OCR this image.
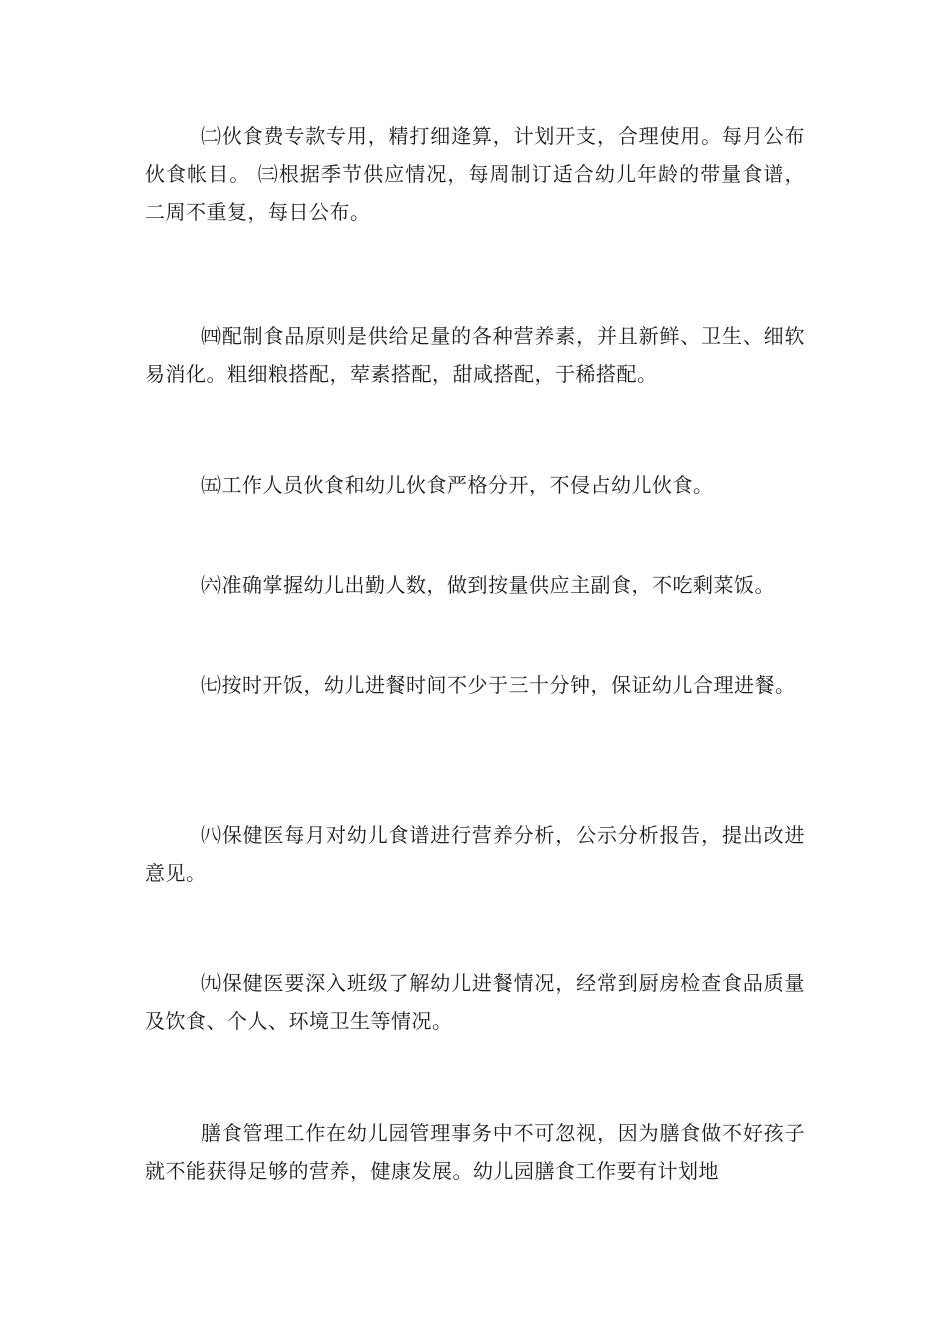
㈡伙食费专款专用，精打细逄算，计划开支，合理使用。每月公布伙食帐目。 ㈢根据季节供应情况，每周制订适合幼儿年龄的带量食谱，二周不重复，每日公布。

㈣配制食品原则是供给足量的各种营养素，并且新鲜、卫生、细软易消化。粗细粮搭配，荤素搭配，甜咸搭配，于稀搭配。

㈤工作人员伙食和幼儿伙食严格分开，不侵占幼儿伙食。

㈥准确掌握幼儿出勤人数，做到按量供应主副食，不吃剩菜饭。

㈦按时开饭，幼儿进餐时间不少于三十分钟，保证幼儿合理进餐。

㈧保健医每月对幼儿食谱进行营养分析，公示分析报告，提出改进意见。

㈨保健医要深入班级了解幼儿进餐情况，经常到厨房检查食品质量及饮食、个人、环境卫生等情况。

膳食管理工作在幼儿园管理事务中不可忽视，因为膳食做不好孩子就不能获得足够的营养，健康发展。幼儿园膳食工作要有计划地
